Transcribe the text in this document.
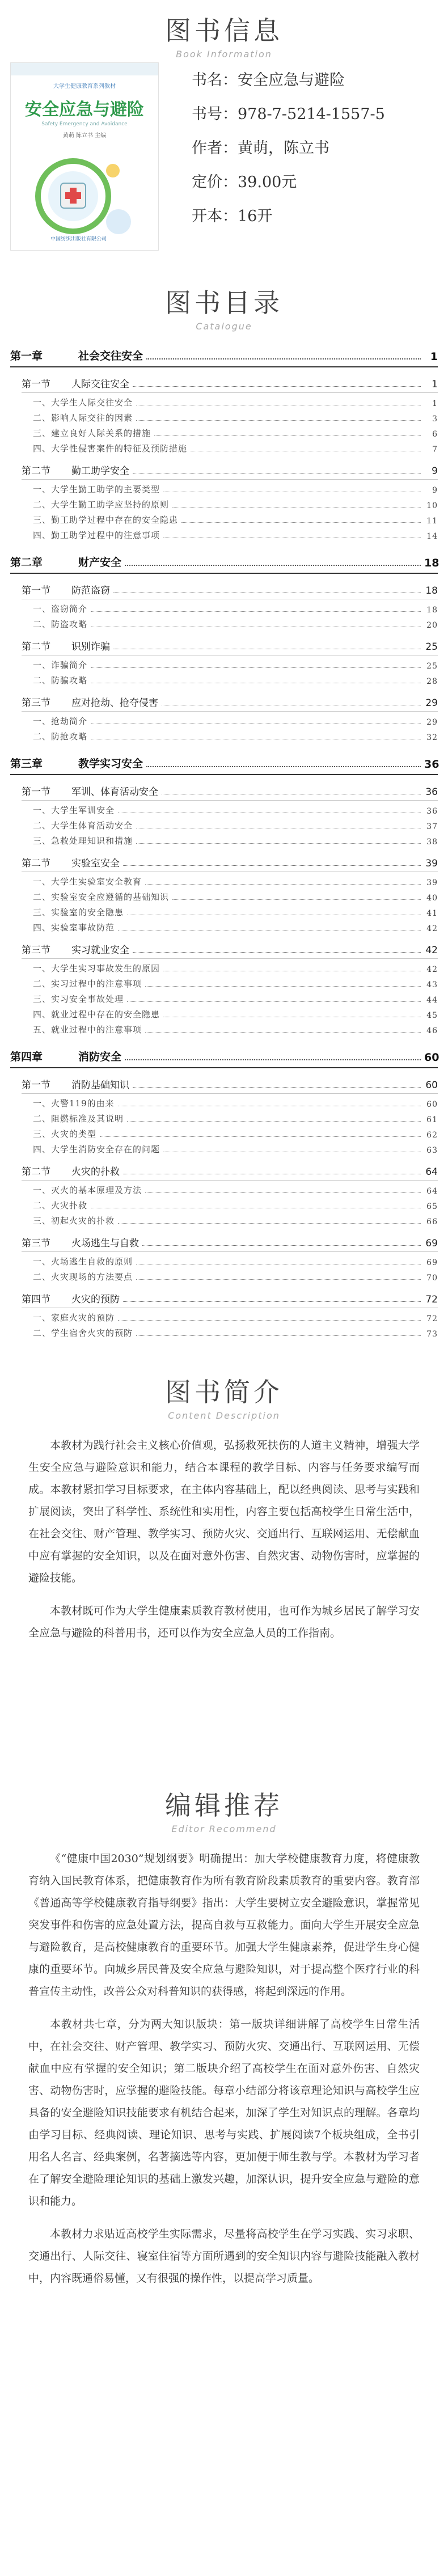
图书信息
Book Information
大学生健康教育系列教材
安全应急与避险
Safety Emergency and Avoidance
黄萌 陈立书 主编
中国纺织出版社有限公司
书名：安全应急与避险
书号：978-7-5214-1557-5
作者：黄萌，陈立书
定价：39.00元
开本：16开
图书目录
Catalogue
第一章	社会交往安全	1
第一节	人际交往安全	1
一、大学生人际交往安全	1
二、影响人际交往的因素	3
三、建立良好人际关系的措施	6
四、大学性侵害案件的特征及预防措施	7
第二节	勤工助学安全	9
一、大学生勤工助学的主要类型	9
二、大学生勤工助学应坚持的原则	10
三、勤工助学过程中存在的安全隐患	11
四、勤工助学过程中的注意事项	14
第二章	财产安全	18
第一节	防范盗窃	18
一、盗窃简介	18
二、防盗攻略	20
第二节	识别诈骗	25
一、诈骗简介	25
二、防骗攻略	28
第三节	应对抢劫、抢夺侵害	29
一、抢劫简介	29
二、防抢攻略	32
第三章	教学实习安全	36
第一节	军训、体育活动安全	36
一、大学生军训安全	36
二、大学生体育活动安全	37
三、急救处理知识和措施	38
第二节	实验室安全	39
一、大学生实验室安全教育	39
二、实验室安全应遵循的基础知识	40
三、实验室的安全隐患	41
四、实验室事故防范	42
第三节	实习就业安全	42
一、大学生实习事故发生的原因	42
二、实习过程中的注意事项	43
三、实习安全事故处理	44
四、就业过程中存在的安全隐患	45
五、就业过程中的注意事项	46
第四章	消防安全	60
第一节	消防基础知识	60
一、火警119的由来	60
二、阻燃标准及其说明	61
三、火灾的类型	62
四、大学生消防安全存在的问题	63
第二节	火灾的扑救	64
一、灭火的基本原理及方法	64
二、火灾扑救	65
三、初起火灾的扑救	66
第三节	火场逃生与自救	69
一、火场逃生自救的原则	69
二、火灾现场的方法要点	70
第四节	火灾的预防	72
一、家庭火灾的预防	72
二、学生宿舍火灾的预防	73
图书简介
Content Description

本教材为践行社会主义核心价值观，弘扬救死扶伤的人道主义精神，增强大学生安全应急与避险意识和能力，结合本课程的教学目标、内容与任务要求编写而成。本教材紧扣学习目标要求，在主体内容基础上，配以经典阅读、思考与实践和扩展阅读，突出了科学性、系统性和实用性，内容主要包括高校学生日常生活中，在社会交往、财产管理、教学实习、预防火灾、交通出行、互联网运用、无偿献血中应有掌握的安全知识，以及在面对意外伤害、自然灾害、动物伤害时，应掌握的避险技能。

本教材既可作为大学生健康素质教育教材使用，也可作为城乡居民了解学习安全应急与避险的科普用书，还可以作为安全应急人员的工作指南。

编辑推荐
Editor Recommend

《“健康中国2030”规划纲要》明确提出：加大学校健康教育力度，将健康教育纳入国民教育体系，把健康教育作为所有教育阶段素质教育的重要内容。教育部《普通高等学校健康教育指导纲要》指出：大学生要树立安全避险意识，掌握常见突发事件和伤害的应急处置方法，提高自救与互救能力。面向大学生开展安全应急与避险教育，是高校健康教育的重要环节。加强大学生健康素养，促进学生身心健康的重要环节。向城乡居民普及安全应急与避险知识，对于提高整个医疗行业的科普宣传主动性，改善公众对科普知识的获得感，将起到深远的作用。

本教材共七章，分为两大知识版块：第一版块详细讲解了高校学生日常生活中，在社会交往、财产管理、教学实习、预防火灾、交通出行、互联网运用、无偿献血中应有掌握的安全知识；第二版块介绍了高校学生在面对意外伤害、自然灾害、动物伤害时，应掌握的避险技能。每章小结部分将该章理论知识与高校学生应具备的安全避险知识技能要求有机结合起来，加深了学生对知识点的理解。各章均由学习目标、经典阅读、理论知识、思考与实践、扩展阅读7个板块组成，全书引用名人名言、经典案例，名著摘选等内容，更加便于师生教与学。本教材为学习者在了解安全避险理论知识的基础上激发兴趣，加深认识，提升安全应急与避险的意识和能力。

本教材力求贴近高校学生实际需求，尽量将高校学生在学习实践、实习求职、交通出行、人际交往、寝室住宿等方面所遇到的安全知识内容与避险技能融入教材中，内容既通俗易懂，又有很强的操作性，以提高学习质量。
